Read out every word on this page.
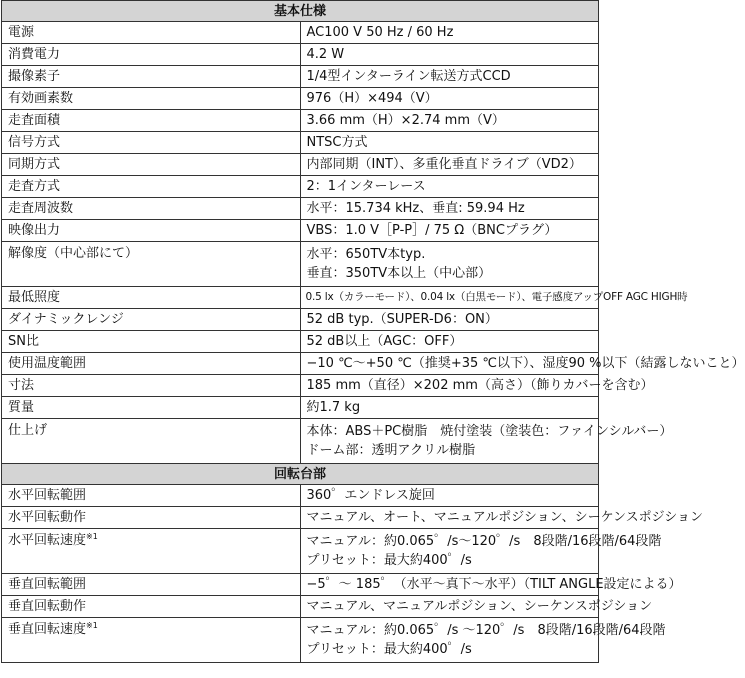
基本仕様	
電源	AC100 V 50 Hz / 60 Hz

消費電力	4.2 W

撮像素子	1/4型インターライン転送方式CCD

有効画素数	976（H）×494（V）

走査面積	3.66 mm（H）×2.74 mm（V）

信号方式	NTSC方式

同期方式	内部同期（INT）、多重化垂直ドライブ（VD2）

走査方式	2：1インターレース

走査周波数	水平：15.734 kHz、垂直: 59.94 Hz

映像出力	VBS：1.0 V［P-P］/ 75 Ω（BNCプラグ）

解像度（中心部にて）	水平：650TV本typ.
垂直：350TV本以上（中心部）

最低照度	0.5 lx（カラーモード）、0.04 lx（白黒モード）、電子感度アップOFF AGC HIGH時

ダイナミックレンジ	52 dB typ.（SUPER-D6：ON）

SN比	52 dB以上（AGC：OFF）

使用温度範囲	−10 ℃〜+50 ℃（推奨+35 ℃以下）、湿度90 %以下（結露しないこと）

寸法	185 mm（直径）×202 mm（高さ）（飾りカバーを含む）

質量	約1.7 kg

仕上げ	本体：ABS＋PC樹脂　焼付塗装（塗装色：ファインシルバー）
ドーム部：透明アクリル樹脂

回転台部	
水平回転範囲	360゜エンドレス旋回

水平回転動作	マニュアル、オート、マニュアルポジション、シーケンスポジション

水平回転速度$^{※1}$	マニュアル：約0.065゜/s〜120゜/s　8段階/16段階/64段階
プリセット：最大約400゜/s

垂直回転範囲	−5゜〜 185゜（水平〜真下〜水平）（TILT ANGLE設定による）

垂直回転動作	マニュアル、マニュアルポジション、シーケンスポジション

垂直回転速度$^{※1}$	マニュアル：約0.065゜/s 〜120゜/s　8段階/16段階/64段階
プリセット：最大約400゜/s
